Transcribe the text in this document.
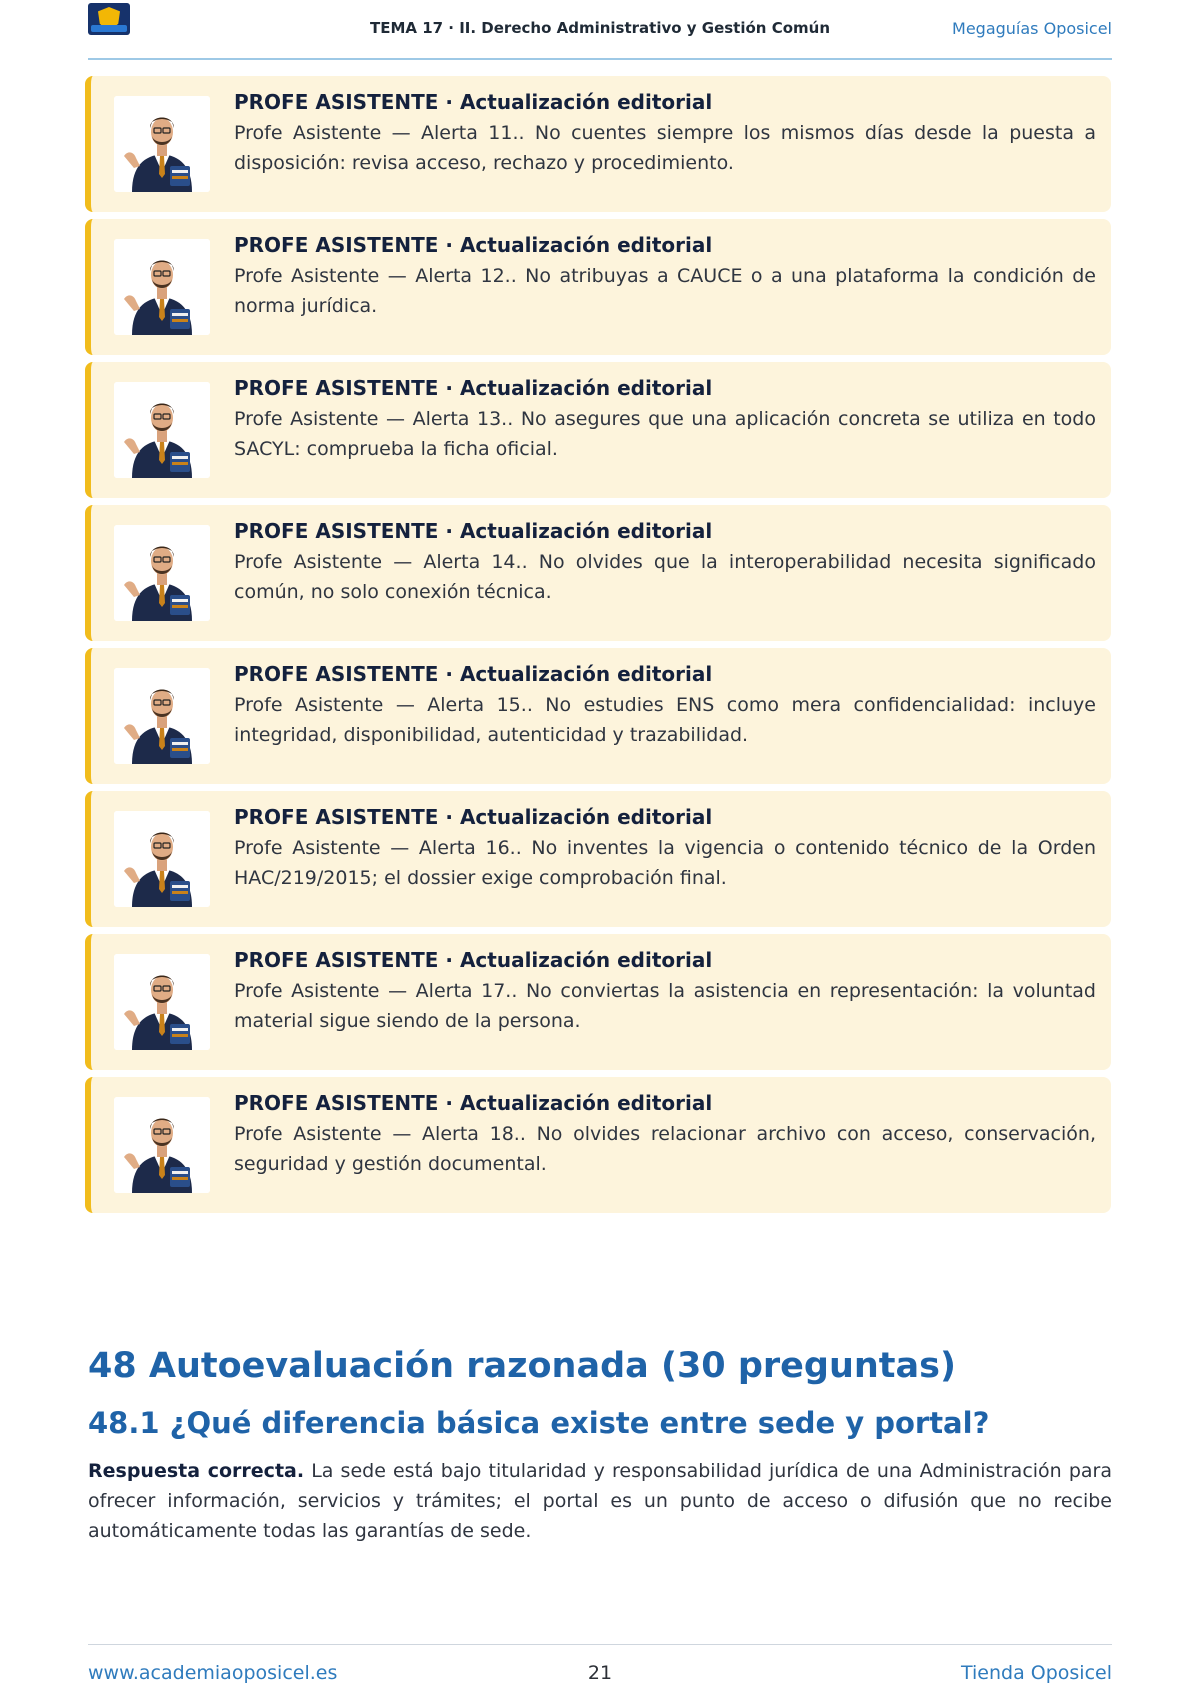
TEMA 17 · II. Derecho Administrativo y Gestión Común	Megaguías Oposicel
PROFE ASISTENTE · Actualización editorial
Profe Asistente — Alerta 11.. No cuentes siempre los mismos días desde la puesta a disposición: revisa acceso, rechazo y procedimiento.
PROFE ASISTENTE · Actualización editorial
Profe Asistente — Alerta 12.. No atribuyas a CAUCE o a una plataforma la condición de norma jurídica.
PROFE ASISTENTE · Actualización editorial
Profe Asistente — Alerta 13.. No asegures que una aplicación concreta se utiliza en todo SACYL: comprueba la ficha oficial.
PROFE ASISTENTE · Actualización editorial
Profe Asistente — Alerta 14.. No olvides que la interoperabilidad necesita significado común, no solo conexión técnica.
PROFE ASISTENTE · Actualización editorial
Profe Asistente — Alerta 15.. No estudies ENS como mera confidencialidad: incluye integridad, disponibilidad, autenticidad y trazabilidad.
PROFE ASISTENTE · Actualización editorial
Profe Asistente — Alerta 16.. No inventes la vigencia o contenido técnico de la Orden HAC/219/2015; el dossier exige comprobación final.
PROFE ASISTENTE · Actualización editorial
Profe Asistente — Alerta 17.. No conviertas la asistencia en representación: la voluntad material sigue siendo de la persona.
PROFE ASISTENTE · Actualización editorial
Profe Asistente — Alerta 18.. No olvides relacionar archivo con acceso, conservación, seguridad y gestión documental.
48 Autoevaluación razonada (30 preguntas)
48.1 ¿Qué diferencia básica existe entre sede y portal?
Respuesta correcta. La sede está bajo titularidad y responsabilidad jurídica de una Administración para ofrecer información, servicios y trámites; el portal es un punto de acceso o difusión que no recibe automáticamente todas las garantías de sede.
www.academiaoposicel.es	21	Tienda Oposicel
